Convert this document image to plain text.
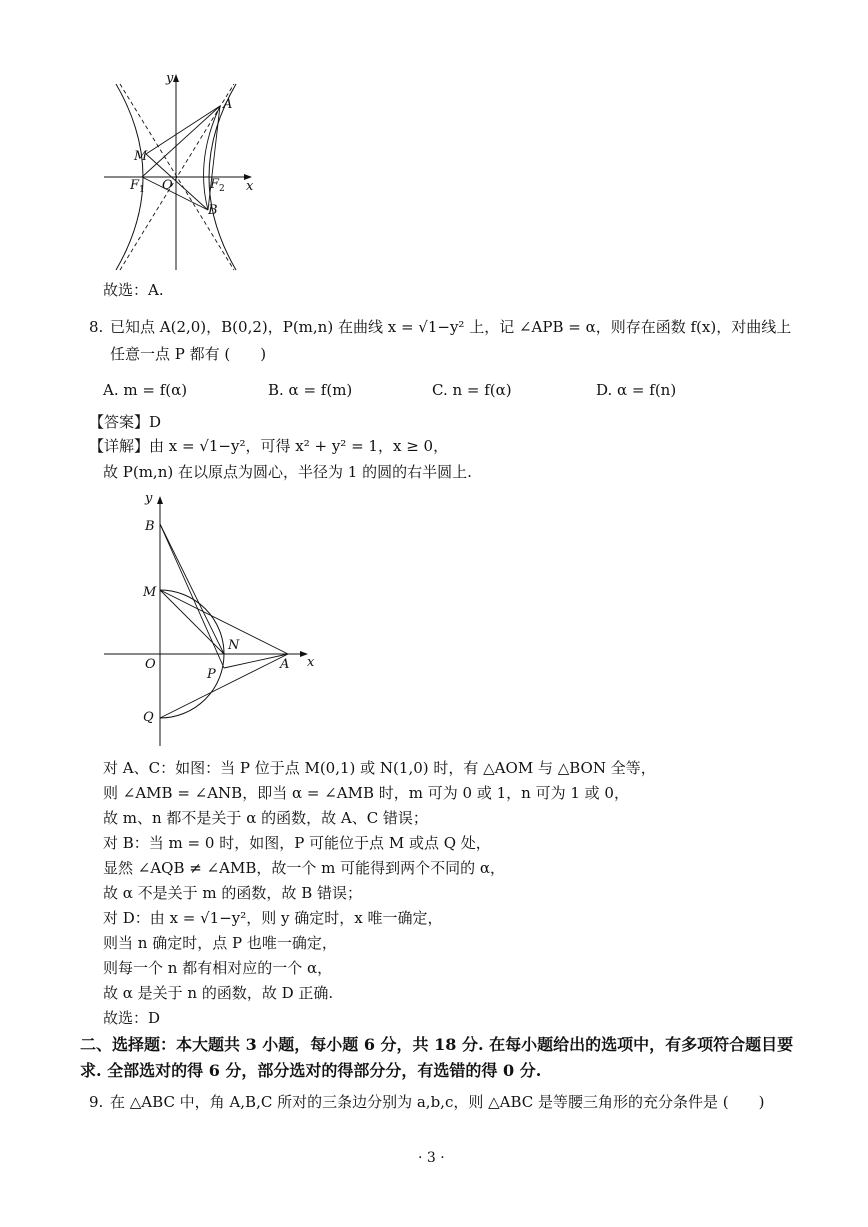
y
x
A
M
$F_1$ O	$F_2$
B
故选：A.
8. 已知点 A(2,0)，B(0,2)，P(m,n) 在曲线 x = √1−y² 上，记 ∠APB = α，则存在函数 f(x)，对曲线上
任意一点 P 都有 (　　)
A. m = f(α)	B. α = f(m)	C. n = f(α)	D. α = f(n)
【答案】D
【详解】由 x = √1−y²，可得 x² + y² = 1，x ≥ 0，
故 P(m,n) 在以原点为圆心，半径为 1 的圆的右半圆上.
y
B
M
N
O
P
A x
Q
对 A、C：如图：当 P 位于点 M(0,1) 或 N(1,0) 时，有 △AOM 与 △BON 全等，
则 ∠AMB = ∠ANB，即当 α = ∠AMB 时，m 可为 0 或 1，n 可为 1 或 0，
故 m、n 都不是关于 α 的函数，故 A、C 错误；
对 B：当 m = 0 时，如图，P 可能位于点 M 或点 Q 处，
显然 ∠AQB ≠ ∠AMB，故一个 m 可能得到两个不同的 α，
故 α 不是关于 m 的函数，故 B 错误；
对 D：由 x = √1−y²，则 y 确定时，x 唯一确定，
则当 n 确定时，点 P 也唯一确定，
则每一个 n 都有相对应的一个 α，
故 α 是关于 n 的函数，故 D 正确.
故选：D
二、选择题：本大题共 3 小题，每小题 6 分，共 18 分. 在每小题给出的选项中，有多项符合题目要
求. 全部选对的得 6 分，部分选对的得部分分，有选错的得 0 分.
9. 在 △ABC 中，角 A,B,C 所对的三条边分别为 a,b,c，则 △ABC 是等腰三角形的充分条件是 (　　)
· 3 ·
